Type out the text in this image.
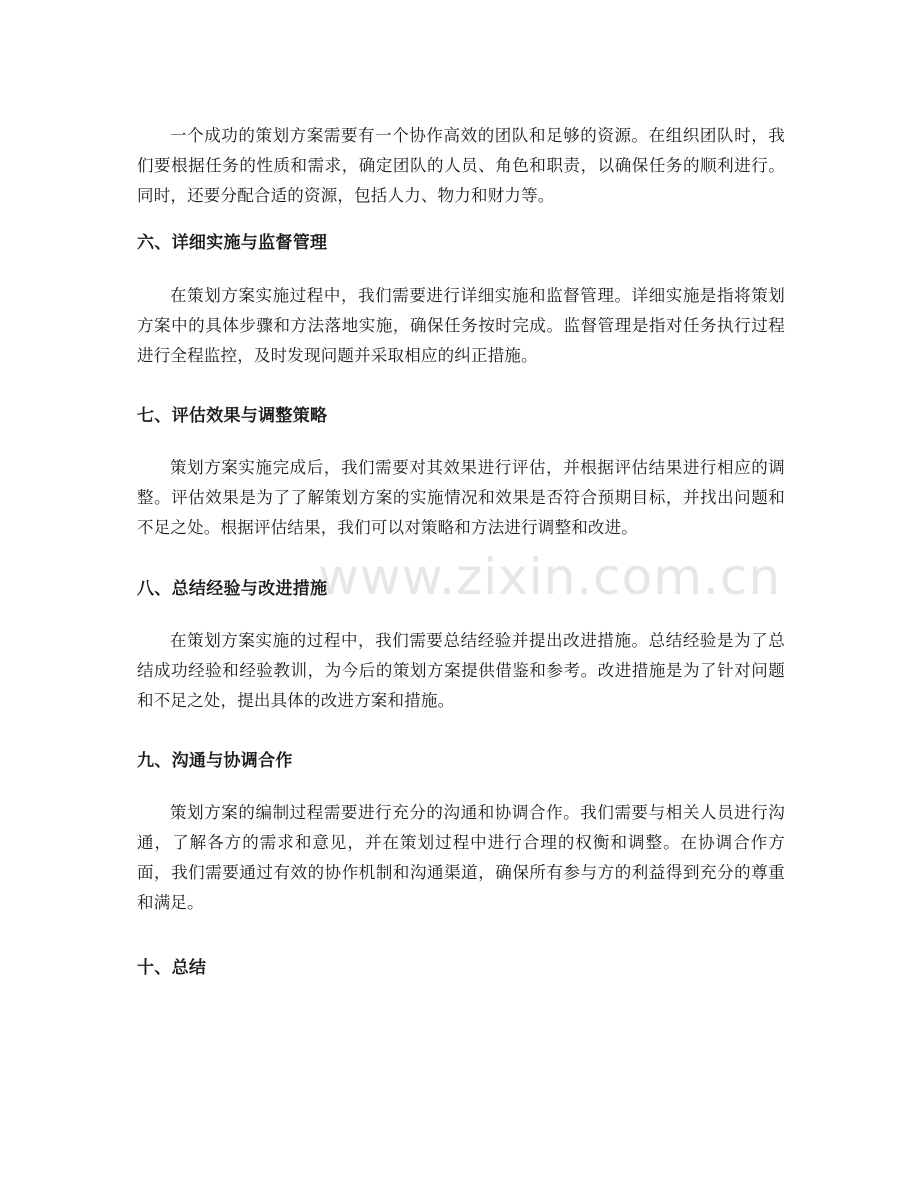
www.zixin.com.cn

一个成功的策划方案需要有一个协作高效的团队和足够的资源。在组织团队时，我们要根据任务的性质和需求，确定团队的人员、角色和职责，以确保任务的顺利进行。同时，还要分配合适的资源，包括人力、物力和财力等。

六、详细实施与监督管理

在策划方案实施过程中，我们需要进行详细实施和监督管理。详细实施是指将策划方案中的具体步骤和方法落地实施，确保任务按时完成。监督管理是指对任务执行过程进行全程监控，及时发现问题并采取相应的纠正措施。

七、评估效果与调整策略

策划方案实施完成后，我们需要对其效果进行评估，并根据评估结果进行相应的调整。评估效果是为了了解策划方案的实施情况和效果是否符合预期目标，并找出问题和不足之处。根据评估结果，我们可以对策略和方法进行调整和改进。

八、总结经验与改进措施

在策划方案实施的过程中，我们需要总结经验并提出改进措施。总结经验是为了总结成功经验和经验教训，为今后的策划方案提供借鉴和参考。改进措施是为了针对问题和不足之处，提出具体的改进方案和措施。

九、沟通与协调合作

策划方案的编制过程需要进行充分的沟通和协调合作。我们需要与相关人员进行沟通，了解各方的需求和意见，并在策划过程中进行合理的权衡和调整。在协调合作方面，我们需要通过有效的协作机制和沟通渠道，确保所有参与方的利益得到充分的尊重和满足。

十、总结
